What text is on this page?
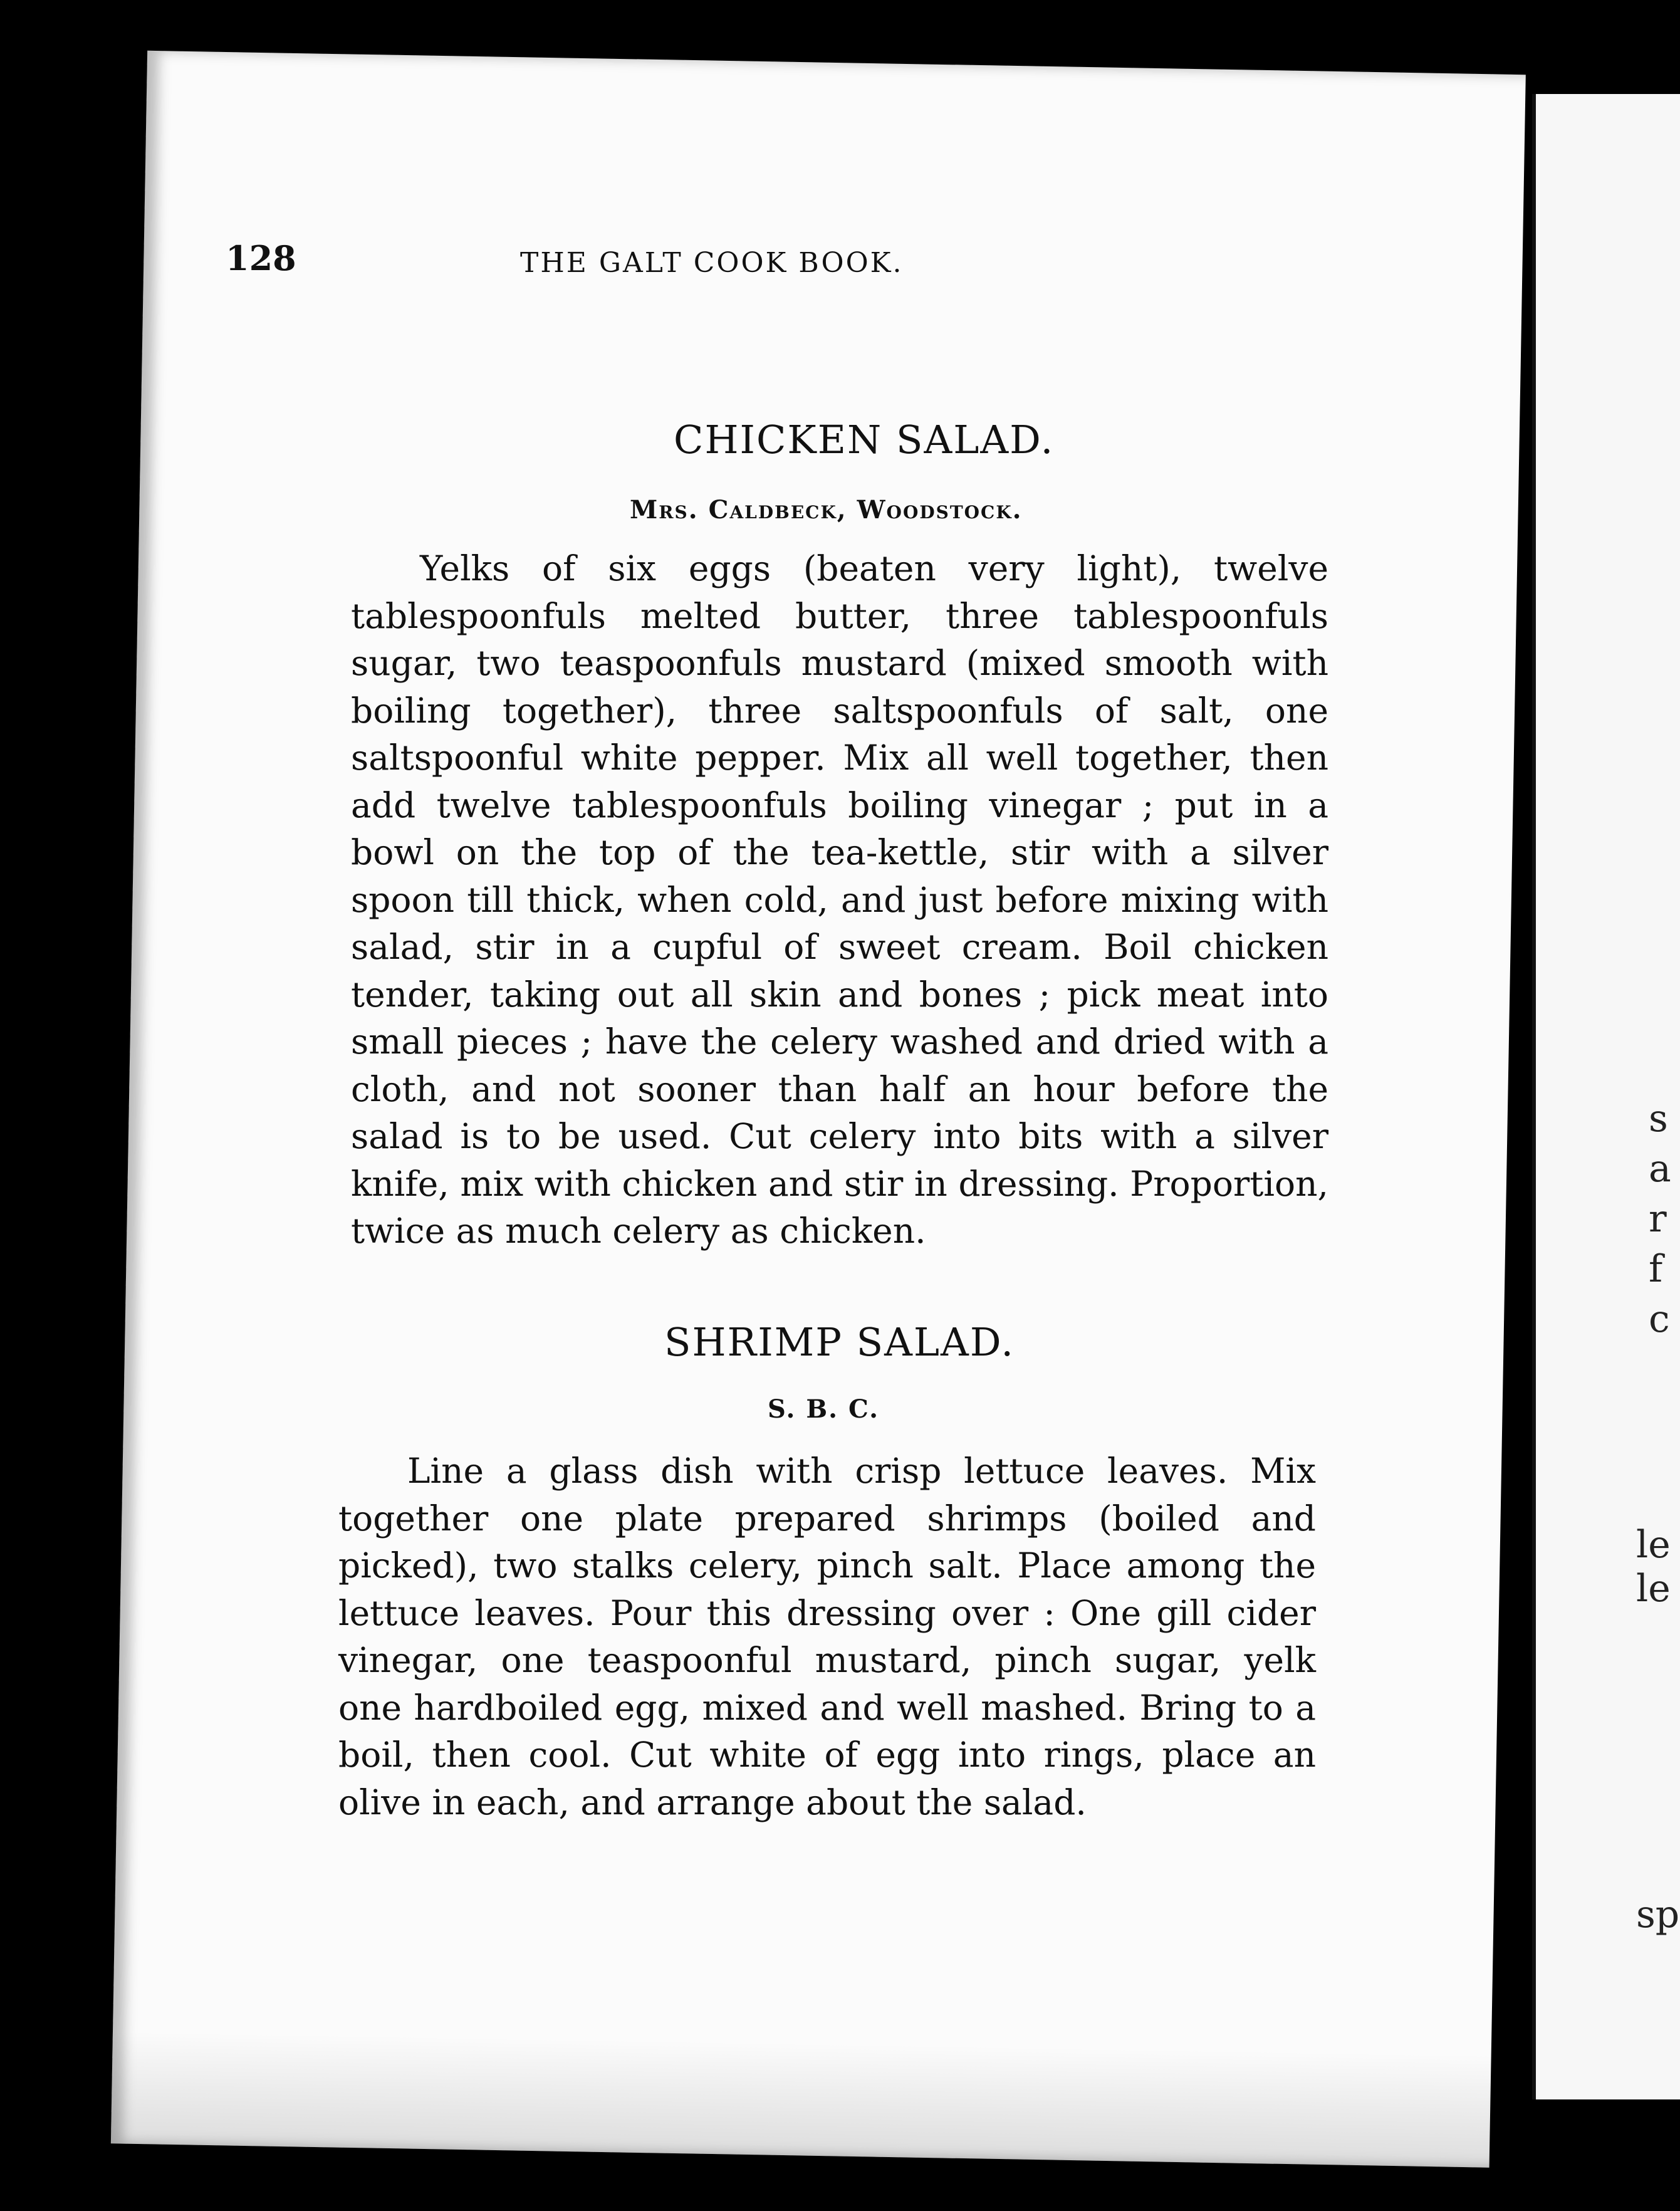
s
a
r
f
c
le
le
sp
128	THE GALT COOK BOOK.
CHICKEN SALAD.
Mrs. Caldbeck, Woodstock.

Yelks of six eggs (beaten very light), twelve tablespoonfuls melted butter, three tablespoonfuls sugar, two teaspoonfuls mustard (mixed smooth with boiling together), three saltspoonfuls of salt, one saltspoonful white pepper. Mix all well together, then add twelve tablespoonfuls boiling vinegar ; put in a bowl on the top of the tea-kettle, stir with a silver spoon till thick, when cold, and just before mixing with salad, stir in a cupful of sweet cream. Boil chicken tender, taking out all skin and bones ; pick meat into small pieces ; have the celery washed and dried with a cloth, and not sooner than half an hour before the salad is to be used. Cut celery into bits with a silver knife, mix with chicken and stir in dressing. Proportion, twice as much celery as chicken.

SHRIMP SALAD.
S. B. C.

Line a glass dish with crisp lettuce leaves. Mix together one plate prepared shrimps (boiled and picked), two stalks celery, pinch salt. Place among the lettuce leaves. Pour this dressing over : One gill cider vinegar, one teaspoonful mustard, pinch sugar, yelk one hardboiled egg, mixed and well mashed. Bring to a boil, then cool. Cut white of egg into rings, place an olive in each, and arrange about the salad.
